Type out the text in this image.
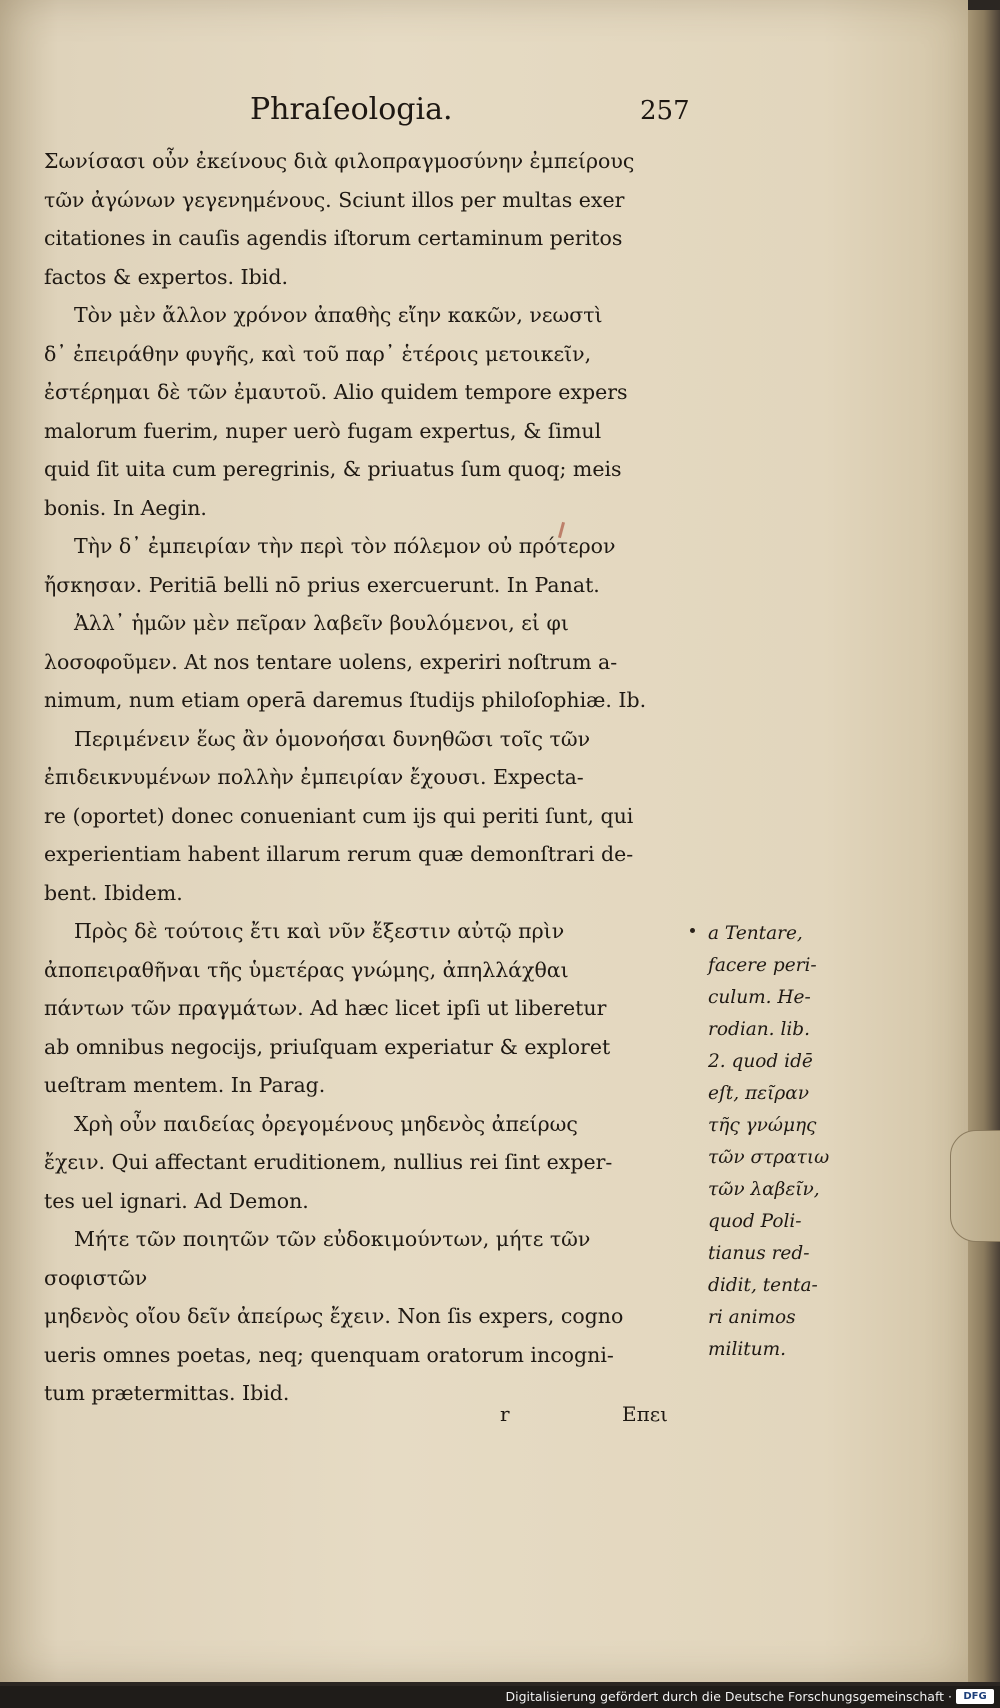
Phraſeologia.	257

Σωνίσασι οὖν ἐκείνους διὰ φιλοπραγμοσύνην ἐμπείρους
τῶν ἀγώνων γεγενημένους. Sciunt illos per multas exer
citationes in cauſis agendis iſtorum certaminum peritos
factos & expertos. Ibid.

Τὸν μὲν ἄλλον χρόνον ἀπαθὴς εἴην κακῶν, νεωστὶ
δ᾽ ἐπειράθην φυγῆς, καὶ τοῦ παρ᾽ ἑτέροις μετοικεῖν,
ἐστέρημαι δὲ τῶν ἐμαυτοῦ. Alio quidem tempore expers
malorum fuerim, nuper uerò fugam expertus, & ſimul
quid ſit uita cum peregrinis, & priuatus ſum quoq; meis
bonis. In Aegin.

Τὴν δ᾽ ἐμπειρίαν τὴν περὶ τὸν πόλεμον οὐ πρότερον
ἤσκησαν. Peritiā belli nō prius exercuerunt. In Panat.

Ἀλλ᾽ ἡμῶν μὲν πεῖραν λαβεῖν βουλόμενοι, εἰ φι
λοσοφοῦμεν. At nos tentare uolens, experiri noſtrum a-
nimum, num etiam operā daremus ſtudijs philoſophiæ. Ib.

Περιμένειν ἕως ἂν ὁμονοήσαι δυνηθῶσι τοῖς τῶν
ἐπιδεικνυμένων πολλὴν ἐμπειρίαν ἔχουσι. Expecta-
re (oportet) donec conueniant cum ijs qui periti ſunt, qui
experientiam habent illarum rerum quæ demonſtrari de-
bent. Ibidem.

Πρὸς δὲ τούτοις ἔτι καὶ νῦν ἔξεστιν αὐτῷ πρὶν
ἀποπειραθῆναι τῆς ὑμετέρας γνώμης, ἀπηλλάχθαι
πάντων τῶν πραγμάτων. Ad hæc licet ipſi ut liberetur
ab omnibus negocijs, priuſquam experiatur & exploret
ueſtram mentem. In Parag.

Χρὴ οὖν παιδείας ὀρεγομένους μηδενὸς ἀπείρως
ἔχειν. Qui affectant eruditionem, nullius rei ſint exper-
tes uel ignari. Ad Demon.

Μήτε τῶν ποιητῶν τῶν εὐδοκιμούντων, μήτε τῶν σοφιστῶν
μηδενὸς οἴου δεῖν ἀπείρως ἔχειν. Non ſis expers, cogno
ueris omnes poetas, neq; quenquam oratorum incogni-
tum prætermittas. Ibid.

r	Επει
a Tentare,
facere peri-
culum. He-
rodian. lib.
2. quod idē
eſt, πεῖραν
τῆς γνώμης
τῶν στρατιω
τῶν λαβεῖν,
quod Poli-
tianus red-
didit, tenta-
ri animos
militum.
Digitalisierung gefördert durch die Deutsche Forschungsgemeinschaft ·	DFG
